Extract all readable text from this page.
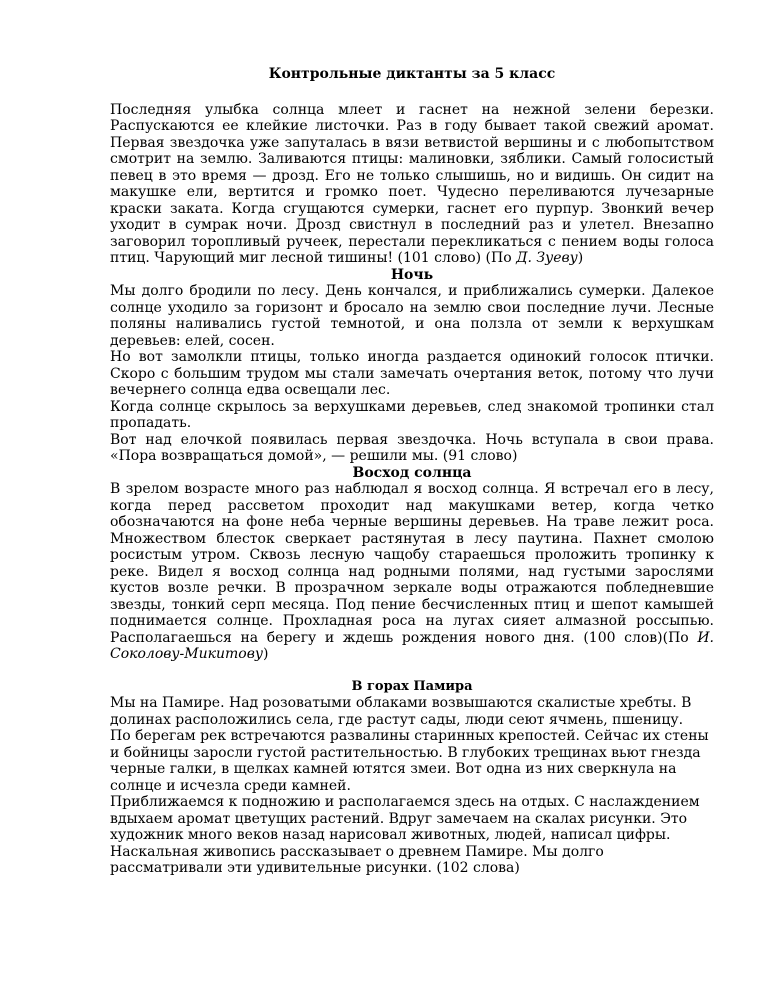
Контрольные диктанты за 5 класс

Последняя улыбка солнца млеет и гаснет на нежной зелени березки. Распускаются ее клейкие листочки. Раз в году бывает такой свежий аромат. Первая звездочка уже запуталась в вязи ветвистой вершины и с любопытством смотрит на землю. Заливаются птицы: малиновки, зяблики. Самый голосистый певец в это время — дрозд. Его не только слышишь, но и видишь. Он сидит на макушке ели, вертится и громко поет. Чудесно переливаются лучезарные краски заката. Когда сгущаются сумерки, гаснет его пурпур. Звонкий вечер уходит в сумрак ночи. Дрозд свистнул в последний раз и улетел. Внезапно заговорил торопливый ручеек, перестали перекликаться с пением воды голоса птиц. Чарующий миг лесной тишины! (101 слово) (По Д. Зуеву)

Ночь

Мы долго бродили по лесу. День кончался, и приближались сумерки. Далекое солнце уходило за горизонт и бросало на землю свои последние лучи. Лесные поляны наливались густой темнотой, и она ползла от земли к верхушкам деревьев: елей, сосен.

Но вот замолкли птицы, только иногда раздается одинокий голосок птички. Скоро с большим трудом мы стали замечать очертания веток, потому что лучи вечернего солнца едва освещали лес.

Когда солнце скрылось за верхушками деревьев, след знакомой тропинки стал пропадать.

Вот над елочкой появилась первая звездочка. Ночь вступала в свои права. «Пора возвращаться домой», — решили мы. (91 слово)

Восход солнца

В зрелом возрасте много раз наблюдал я восход солнца. Я встречал его в лесу, когда перед рассветом проходит над макушками ветер, когда четко обозначаются на фоне неба черные вершины деревьев. На траве лежит роса. Множеством блесток сверкает растянутая в лесу паутина. Пахнет смолою росистым утром. Сквозь лесную чащобу стараешься проложить тропинку к реке. Видел я восход солнца над родными полями, над густыми зарослями кустов возле речки. В прозрачном зеркале воды отражаются побледневшие звезды, тонкий серп месяца. Под пение бесчисленных птиц и шепот камышей поднимается солнце. Прохладная роса на лугах сияет алмазной россыпью. Располагаешься на берегу и ждешь рождения нового дня. (100 слов)(По И. Соколову-Микитову)

В горах Памира

Мы на Памире. Над розоватыми облаками возвышаются скалистые хребты. В долинах расположились села, где растут сады, люди сеют ячмень, пшеницу.

По берегам рек встречаются развалины старинных крепостей. Сейчас их стены и бойницы заросли густой растительностью. В глубоких трещинах вьют гнезда черные галки, в щелках камней ютятся змеи. Вот одна из них сверкнула на солнце и исчезла среди камней.

Приближаемся к подножию и располагаемся здесь на отдых. С наслаждением вдыхаем аромат цветущих растений. Вдруг замечаем на скалах рисунки. Это художник много веков назад нарисовал животных, людей, написал цифры. Наскальная живопись рассказывает о древнем Памире. Мы долго рассматривали эти удивительные рисунки. (102 слова)
